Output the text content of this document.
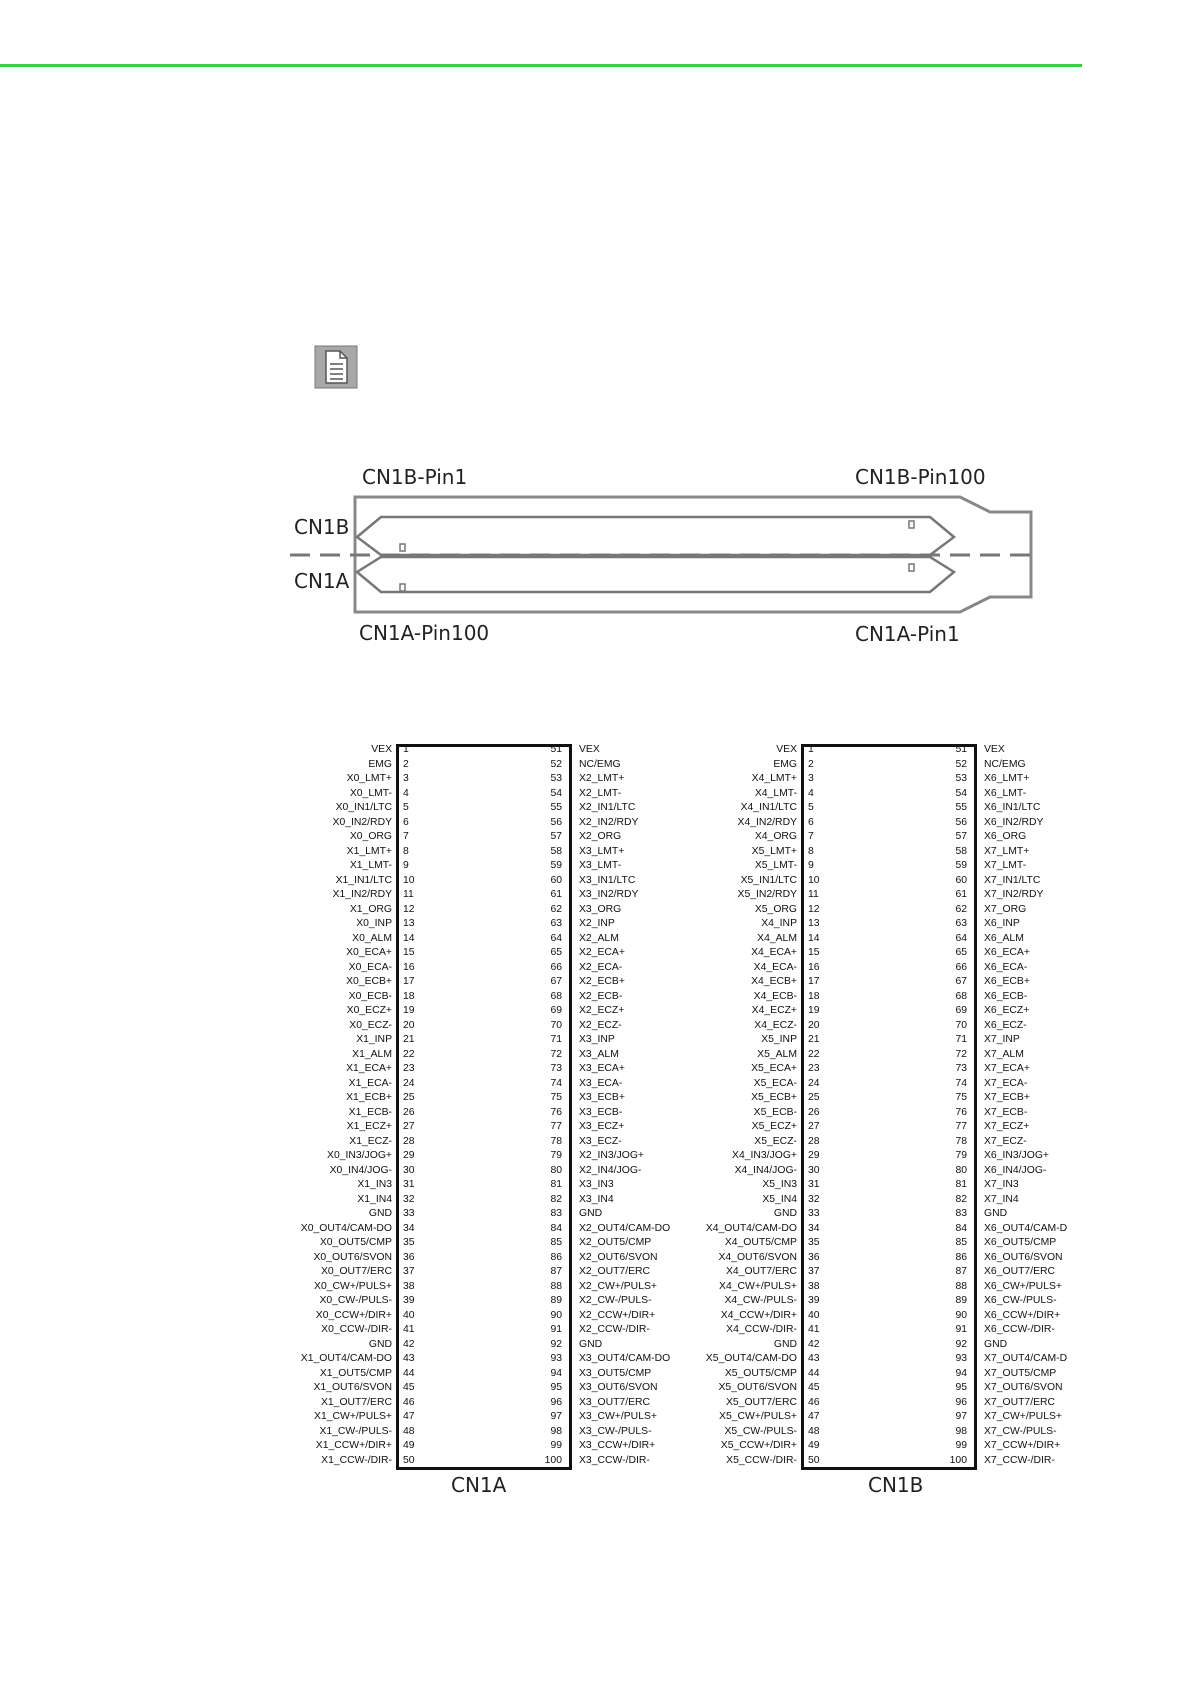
CN1B-Pin1	CN1B-Pin100
CN1B
CN1A
CN1A-Pin100	CN1A-Pin1
CN1A
VEX 1	51 VEX
EMG 2	52 NC/EMG
X0_LMT+ 3	53 X2_LMT+
X0_LMT- 4	54 X2_LMT-
X0_IN1/LTC 5	55 X2_IN1/LTC
X0_IN2/RDY 6	56 X2_IN2/RDY
X0_ORG 7	57 X2_ORG
X1_LMT+ 8	58 X3_LMT+
X1_LMT- 9	59 X3_LMT-
X1_IN1/LTC 10	60 X3_IN1/LTC
X1_IN2/RDY 11	61 X3_IN2/RDY
X1_ORG 12	62 X3_ORG
X0_INP 13	63 X2_INP
X0_ALM 14	64 X2_ALM
X0_ECA+ 15	65 X2_ECA+
X0_ECA- 16	66 X2_ECA-
X0_ECB+ 17	67 X2_ECB+
X0_ECB- 18	68 X2_ECB-
X0_ECZ+ 19	69 X2_ECZ+
X0_ECZ- 20	70 X2_ECZ-
X1_INP 21	71 X3_INP
X1_ALM 22	72 X3_ALM
X1_ECA+ 23	73 X3_ECA+
X1_ECA- 24	74 X3_ECA-
X1_ECB+ 25	75 X3_ECB+
X1_ECB- 26	76 X3_ECB-
X1_ECZ+ 27	77 X3_ECZ+
X1_ECZ- 28	78 X3_ECZ-
X0_IN3/JOG+ 29	79 X2_IN3/JOG+
X0_IN4/JOG- 30	80 X2_IN4/JOG-
X1_IN3 31	81 X3_IN3
X1_IN4 32	82 X3_IN4
GND 33	83 GND
X0_OUT4/CAM-DO 34	84 X2_OUT4/CAM-DO
X0_OUT5/CMP 35	85 X2_OUT5/CMP
X0_OUT6/SVON 36	86 X2_OUT6/SVON
X0_OUT7/ERC 37	87 X2_OUT7/ERC
X0_CW+/PULS+ 38	88 X2_CW+/PULS+
X0_CW-/PULS- 39	89 X2_CW-/PULS-
X0_CCW+/DIR+ 40	90 X2_CCW+/DIR+
X0_CCW-/DIR- 41	91 X2_CCW-/DIR-
GND 42	92 GND
X1_OUT4/CAM-DO 43	93 X3_OUT4/CAM-DO
X1_OUT5/CMP 44	94 X3_OUT5/CMP
X1_OUT6/SVON 45	95 X3_OUT6/SVON
X1_OUT7/ERC 46	96 X3_OUT7/ERC
X1_CW+/PULS+ 47	97 X3_CW+/PULS+
X1_CW-/PULS- 48	98 X3_CW-/PULS-
X1_CCW+/DIR+ 49	99 X3_CCW+/DIR+
X1_CCW-/DIR- 50	100 X3_CCW-/DIR-
CN1B
VEX 1	51 VEX
EMG 2	52 NC/EMG
X4_LMT+ 3	53 X6_LMT+
X4_LMT- 4	54 X6_LMT-
X4_IN1/LTC 5	55 X6_IN1/LTC
X4_IN2/RDY 6	56 X6_IN2/RDY
X4_ORG 7	57 X6_ORG
X5_LMT+ 8	58 X7_LMT+
X5_LMT- 9	59 X7_LMT-
X5_IN1/LTC 10	60 X7_IN1/LTC
X5_IN2/RDY 11	61 X7_IN2/RDY
X5_ORG 12	62 X7_ORG
X4_INP 13	63 X6_INP
X4_ALM 14	64 X6_ALM
X4_ECA+ 15	65 X6_ECA+
X4_ECA- 16	66 X6_ECA-
X4_ECB+ 17	67 X6_ECB+
X4_ECB- 18	68 X6_ECB-
X4_ECZ+ 19	69 X6_ECZ+
X4_ECZ- 20	70 X6_ECZ-
X5_INP 21	71 X7_INP
X5_ALM 22	72 X7_ALM
X5_ECA+ 23	73 X7_ECA+
X5_ECA- 24	74 X7_ECA-
X5_ECB+ 25	75 X7_ECB+
X5_ECB- 26	76 X7_ECB-
X5_ECZ+ 27	77 X7_ECZ+
X5_ECZ- 28	78 X7_ECZ-
X4_IN3/JOG+ 29	79 X6_IN3/JOG+
X4_IN4/JOG- 30	80 X6_IN4/JOG-
X5_IN3 31	81 X7_IN3
X5_IN4 32	82 X7_IN4
GND 33	83 GND
X4_OUT4/CAM-DO 34	84 X6_OUT4/CAM-D
X4_OUT5/CMP 35	85 X6_OUT5/CMP
X4_OUT6/SVON 36	86 X6_OUT6/SVON
X4_OUT7/ERC 37	87 X6_OUT7/ERC
X4_CW+/PULS+ 38	88 X6_CW+/PULS+
X4_CW-/PULS- 39	89 X6_CW-/PULS-
X4_CCW+/DIR+ 40	90 X6_CCW+/DIR+
X4_CCW-/DIR- 41	91 X6_CCW-/DIR-
GND 42	92 GND
X5_OUT4/CAM-DO 43	93 X7_OUT4/CAM-D
X5_OUT5/CMP 44	94 X7_OUT5/CMP
X5_OUT6/SVON 45	95 X7_OUT6/SVON
X5_OUT7/ERC 46	96 X7_OUT7/ERC
X5_CW+/PULS+ 47	97 X7_CW+/PULS+
X5_CW-/PULS- 48	98 X7_CW-/PULS-
X5_CCW+/DIR+ 49	99 X7_CCW+/DIR+
X5_CCW-/DIR- 50	100 X7_CCW-/DIR-
